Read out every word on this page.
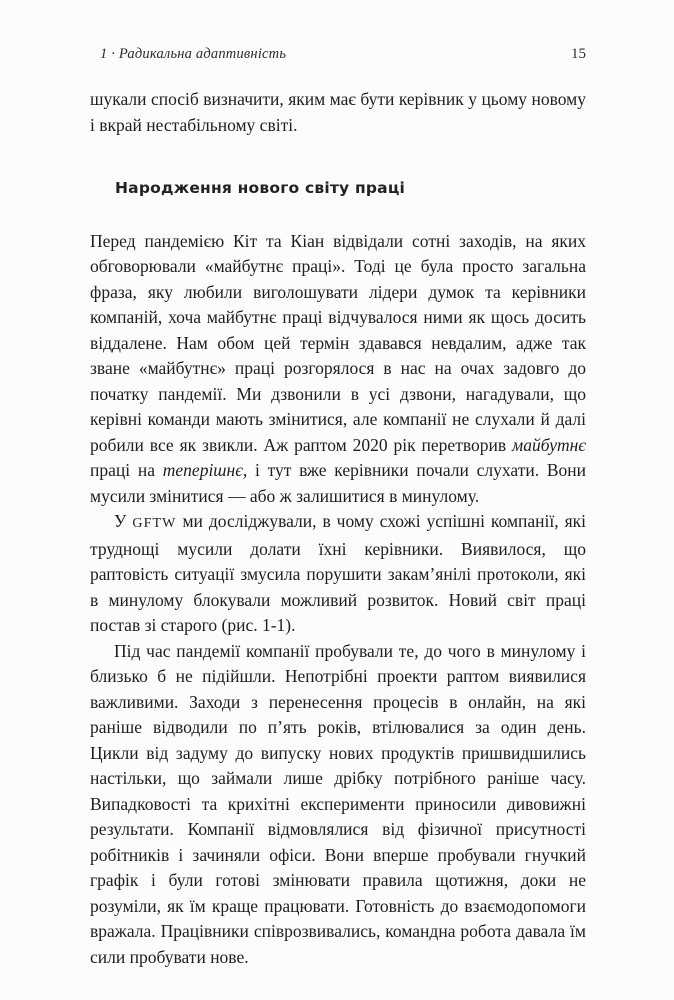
1 · Радикальна адаптивність	15

шукали спосіб визначити, яким має бути керівник у цьому новому і вкрай нестабільному світі.

Народження нового світу праці

Перед пандемією Кіт та Кіан відвідали сотні заходів, на яких обговорювали «майбутнє праці». Тоді це була просто загальна фраза, яку любили виголошувати лідери думок та керівники компаній, хоча майбутнє праці відчувалося ними як щось досить віддалене. Нам обом цей термін здавався невдалим, адже так зване «майбутнє» праці розгорялося в нас на очах задовго до початку пандемії. Ми дзвонили в усі дзвони, нагадували, що керівні команди мають змінитися, але компанії не слухали й далі робили все як звикли. Аж раптом 2020 рік перетворив майбутнє праці на теперішнє, і тут вже керівники почали слухати. Вони мусили змінитися — або ж залишитися в минулому.

У GFTW ми досліджували, в чому схожі успішні компанії, які труднощі мусили долати їхні керівники. Виявилося, що раптовість ситуації змусила порушити закам’янілі протоколи, які в минулому блокували можливий розвиток. Новий світ праці постав зі старого (рис. 1-1).

Під час пандемії компанії пробували те, до чого в минулому і близько б не підійшли. Непотрібні проекти раптом виявилися важливими. Заходи з перенесення процесів в онлайн, на які раніше відводили по п’ять років, втілювалися за один день. Цикли від задуму до випуску нових продуктів пришвидшились настільки, що займали лише дрібку потрібного раніше часу. Випадковості та крихітні експерименти приносили дивовижні результати. Компанії відмовлялися від фізичної присутності робітників і зачиняли офіси. Вони вперше пробували гнучкий графік і були готові змінювати правила щотижня, доки не розуміли, як їм краще працювати. Готовність до взаємодопомоги вражала. Працівники співрозвивались, командна робота давала їм сили пробувати нове.
